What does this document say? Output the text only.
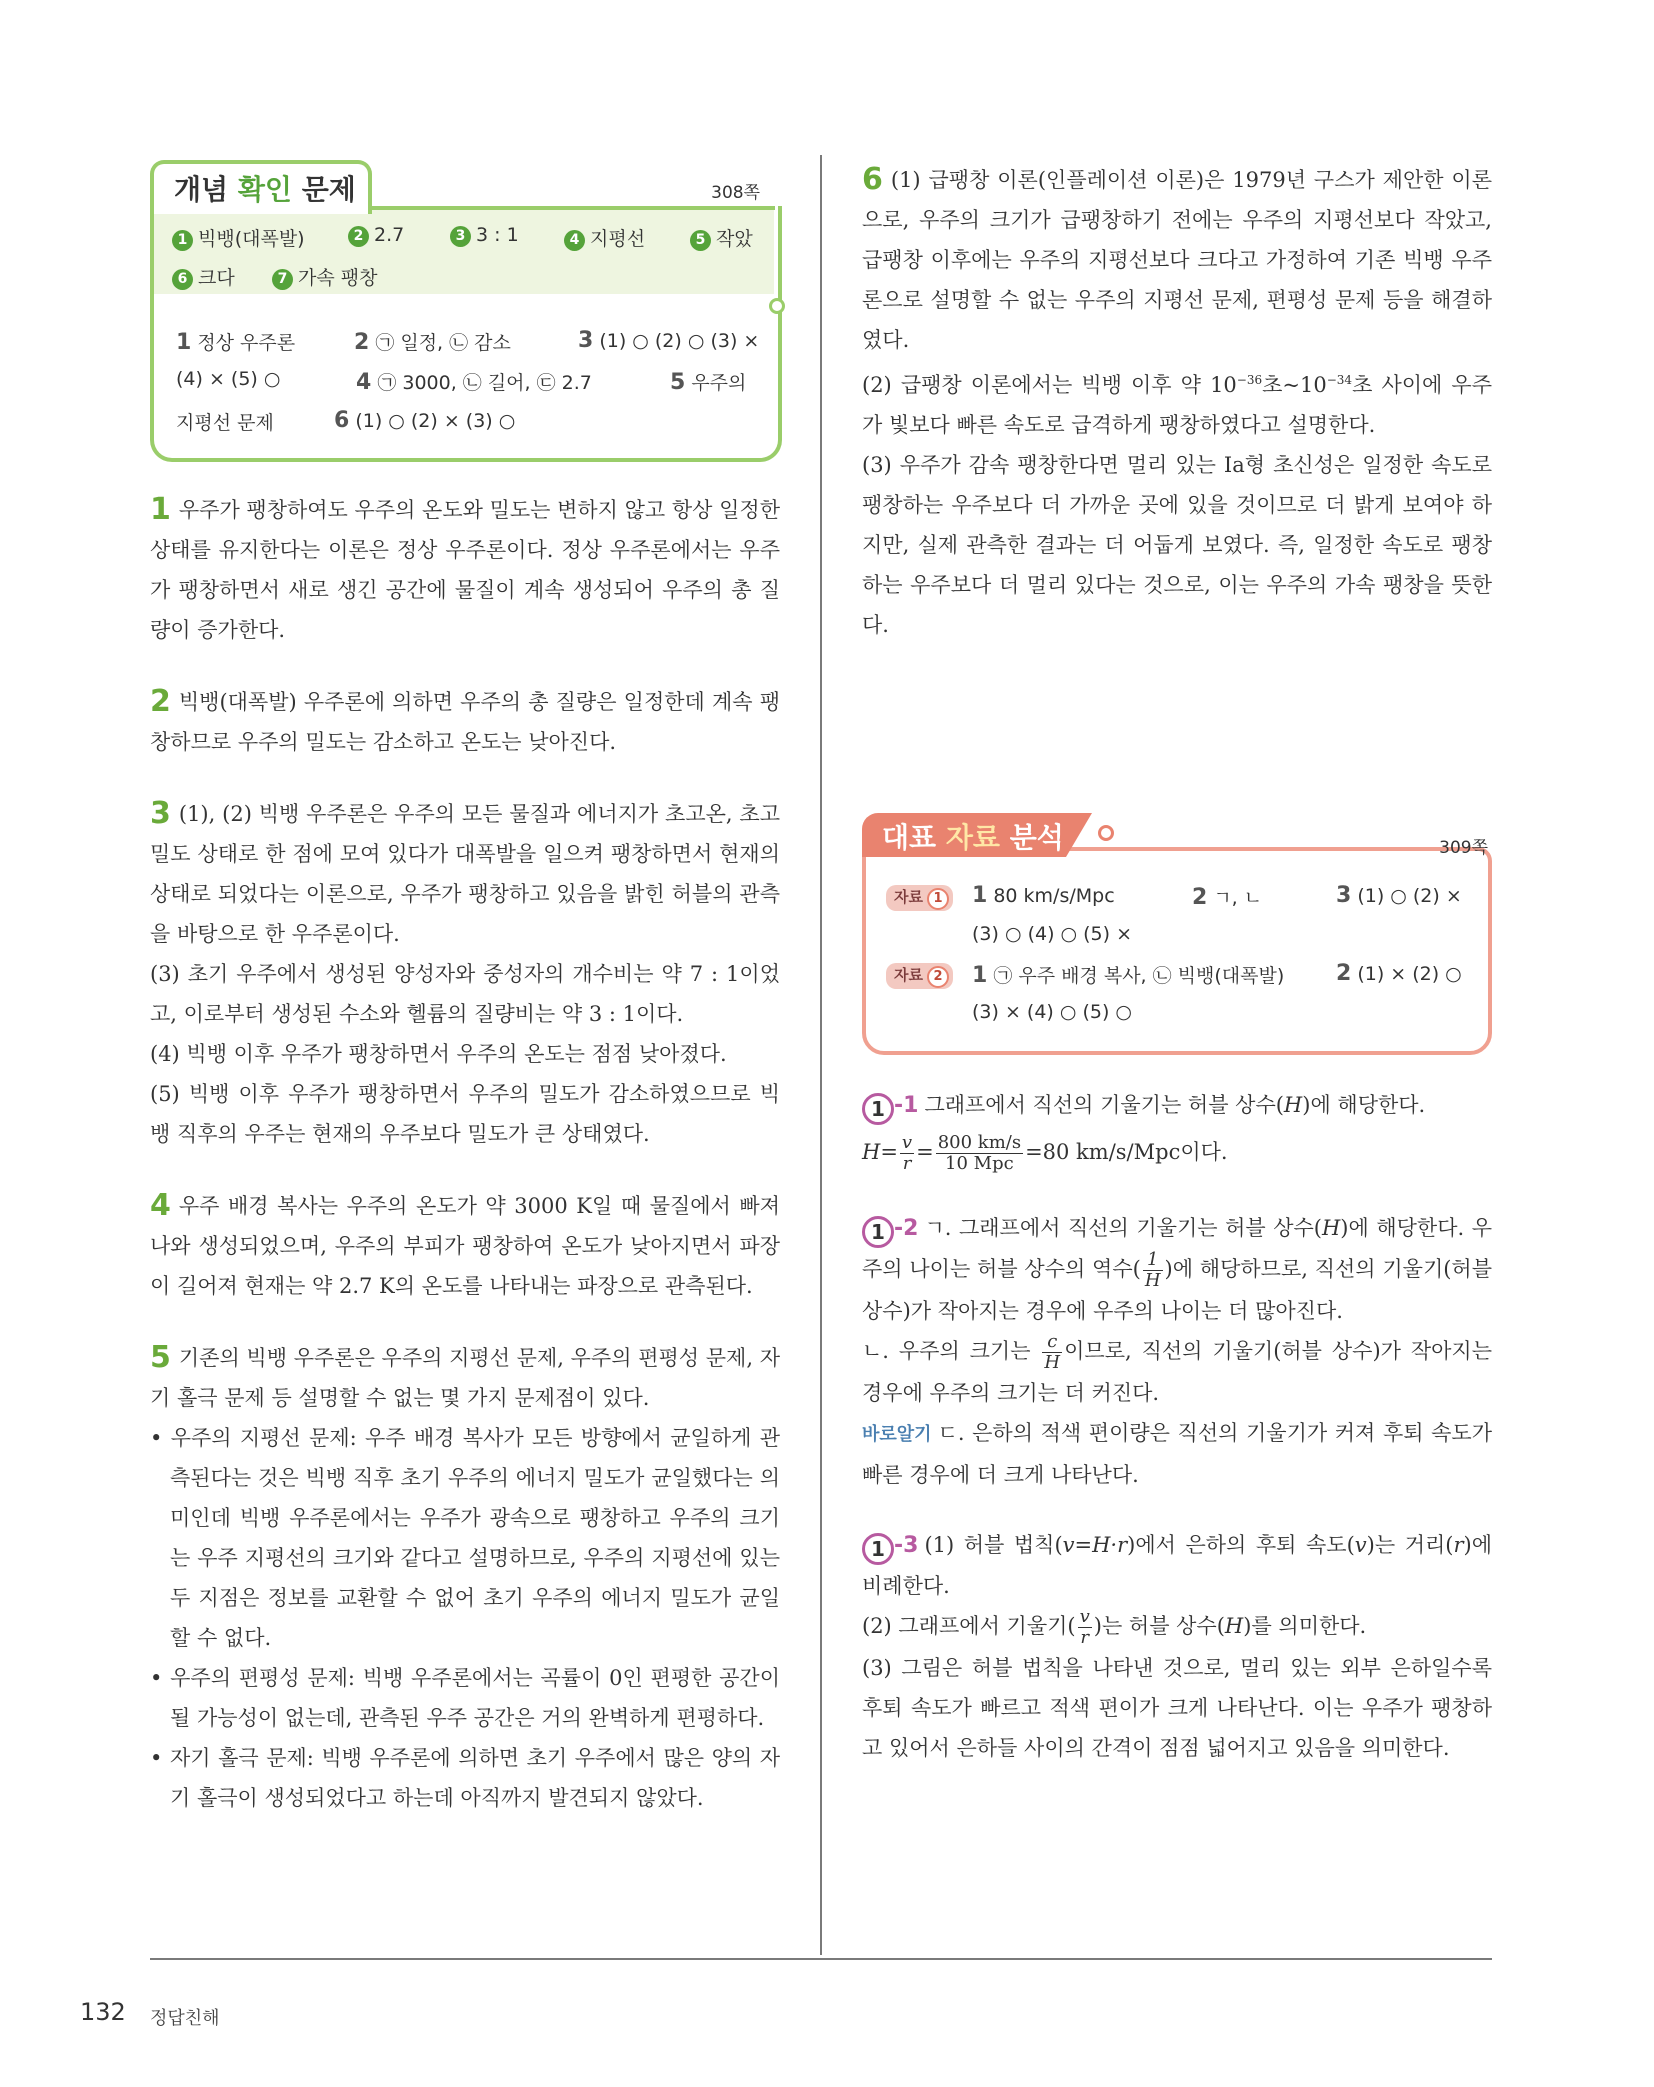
132 정답친해
개념 확인 문제	308쪽
1 빅뱅(대폭발)	2 2.7	3 3 : 1	4 지평선	5 작았
6 크다	7 가속 팽창
1 정상 우주론	2 ㉠ 일정, ㉡ 감소	3 (1) ○ (2) ○ (3) ×
(4) × (5) ○	4 ㉠ 3000, ㉡ 길어, ㉢ 2.7	5 우주의
지평선 문제	6 (1) ○ (2) × (3) ○

1 우주가 팽창하여도 우주의 온도와 밀도는 변하지 않고 항상 일정한 상태를 유지한다는 이론은 정상 우주론이다. 정상 우주론에서는 우주가 팽창하면서 새로 생긴 공간에 물질이 계속 생성되어 우주의 총 질량이 증가한다.

2 빅뱅(대폭발) 우주론에 의하면 우주의 총 질량은 일정한데 계속 팽창하므로 우주의 밀도는 감소하고 온도는 낮아진다.

3 (1), (2) 빅뱅 우주론은 우주의 모든 물질과 에너지가 초고온, 초고밀도 상태로 한 점에 모여 있다가 대폭발을 일으켜 팽창하면서 현재의 상태로 되었다는 이론으로, 우주가 팽창하고 있음을 밝힌 허블의 관측을 바탕으로 한 우주론이다.

(3) 초기 우주에서 생성된 양성자와 중성자의 개수비는 약 7 : 1이었고, 이로부터 생성된 수소와 헬륨의 질량비는 약 3 : 1이다.

(4) 빅뱅 이후 우주가 팽창하면서 우주의 온도는 점점 낮아졌다.

(5) 빅뱅 이후 우주가 팽창하면서 우주의 밀도가 감소하였으므로 빅뱅 직후의 우주는 현재의 우주보다 밀도가 큰 상태였다.

4 우주 배경 복사는 우주의 온도가 약 3000 K일 때 물질에서 빠져나와 생성되었으며, 우주의 부피가 팽창하여 온도가 낮아지면서 파장이 길어져 현재는 약 2.7 K의 온도를 나타내는 파장으로 관측된다.

5 기존의 빅뱅 우주론은 우주의 지평선 문제, 우주의 편평성 문제, 자기 홀극 문제 등 설명할 수 없는 몇 가지 문제점이 있다.

• 우주의 지평선 문제: 우주 배경 복사가 모든 방향에서 균일하게 관측된다는 것은 빅뱅 직후 초기 우주의 에너지 밀도가 균일했다는 의미인데 빅뱅 우주론에서는 우주가 광속으로 팽창하고 우주의 크기는 우주 지평선의 크기와 같다고 설명하므로, 우주의 지평선에 있는 두 지점은 정보를 교환할 수 없어 초기 우주의 에너지 밀도가 균일할 수 없다.

• 우주의 편평성 문제: 빅뱅 우주론에서는 곡률이 0인 편평한 공간이 될 가능성이 없는데, 관측된 우주 공간은 거의 완벽하게 편평하다.

• 자기 홀극 문제: 빅뱅 우주론에 의하면 초기 우주에서 많은 양의 자기 홀극이 생성되었다고 하는데 아직까지 발견되지 않았다.

6 (1) 급팽창 이론(인플레이션 이론)은 1979년 구스가 제안한 이론으로, 우주의 크기가 급팽창하기 전에는 우주의 지평선보다 작았고, 급팽창 이후에는 우주의 지평선보다 크다고 가정하여 기존 빅뱅 우주론으로 설명할 수 없는 우주의 지평선 문제, 편평성 문제 등을 해결하였다.

(2) 급팽창 이론에서는 빅뱅 이후 약 $10^{-36}$초$\sim 10^{-34}$초 사이에 우주가 빛보다 빠른 속도로 급격하게 팽창하였다고 설명한다.

(3) 우주가 감속 팽창한다면 멀리 있는 Ia형 초신성은 일정한 속도로 팽창하는 우주보다 더 가까운 곳에 있을 것이므로 더 밝게 보여야 하지만, 실제 관측한 결과는 더 어둡게 보였다. 즉, 일정한 속도로 팽창하는 우주보다 더 멀리 있다는 것으로, 이는 우주의 가속 팽창을 뜻한다.

대표 자료 분석	309쪽
자료 1	1 80 km/s/Mpc	2 ㄱ, ㄴ	3 (1) ○ (2) ×
(3) ○ (4) ○ (5) ×
자료 2	1 ㉠ 우주 배경 복사, ㉡ 빅뱅(대폭발) 2 (1) × (2) ○
(3) × (4) ○ (5) ○

1 -1 그래프에서 직선의 기울기는 허블 상수(H)에 해당한다.

$H= \frac{v}{r} = \frac{800 km/s}{\text{10 Mpc}} =80$ km/s/Mpc이다.

1 -2 ㄱ. 그래프에서 직선의 기울기는 허블 상수(H)에 해당한다. 우주의 나이는 허블 상수의 역수( $\frac{1}{H}$ )에 해당하므로, 직선의 기울기(허블 상수)가 작아지는 경우에 우주의 나이는 더 많아진다.

ㄴ. 우주의 크기는 $\frac{c}{H}$ 이므로, 직선의 기울기(허블 상수)가 작아지는 경우에 우주의 크기는 더 커진다.

바로알기 ㄷ. 은하의 적색 편이량은 직선의 기울기가 커져 후퇴 속도가 빠른 경우에 더 크게 나타난다.

1 -3 (1) 허블 법칙(v=H·r)에서 은하의 후퇴 속도(v)는 거리(r)에 비례한다.

(2) 그래프에서 기울기( $\frac{v}{r}$ )는 허블 상수(H)를 의미한다.

(3) 그림은 허블 법칙을 나타낸 것으로, 멀리 있는 외부 은하일수록 후퇴 속도가 빠르고 적색 편이가 크게 나타난다. 이는 우주가 팽창하고 있어서 은하들 사이의 간격이 점점 넓어지고 있음을 의미한다.
